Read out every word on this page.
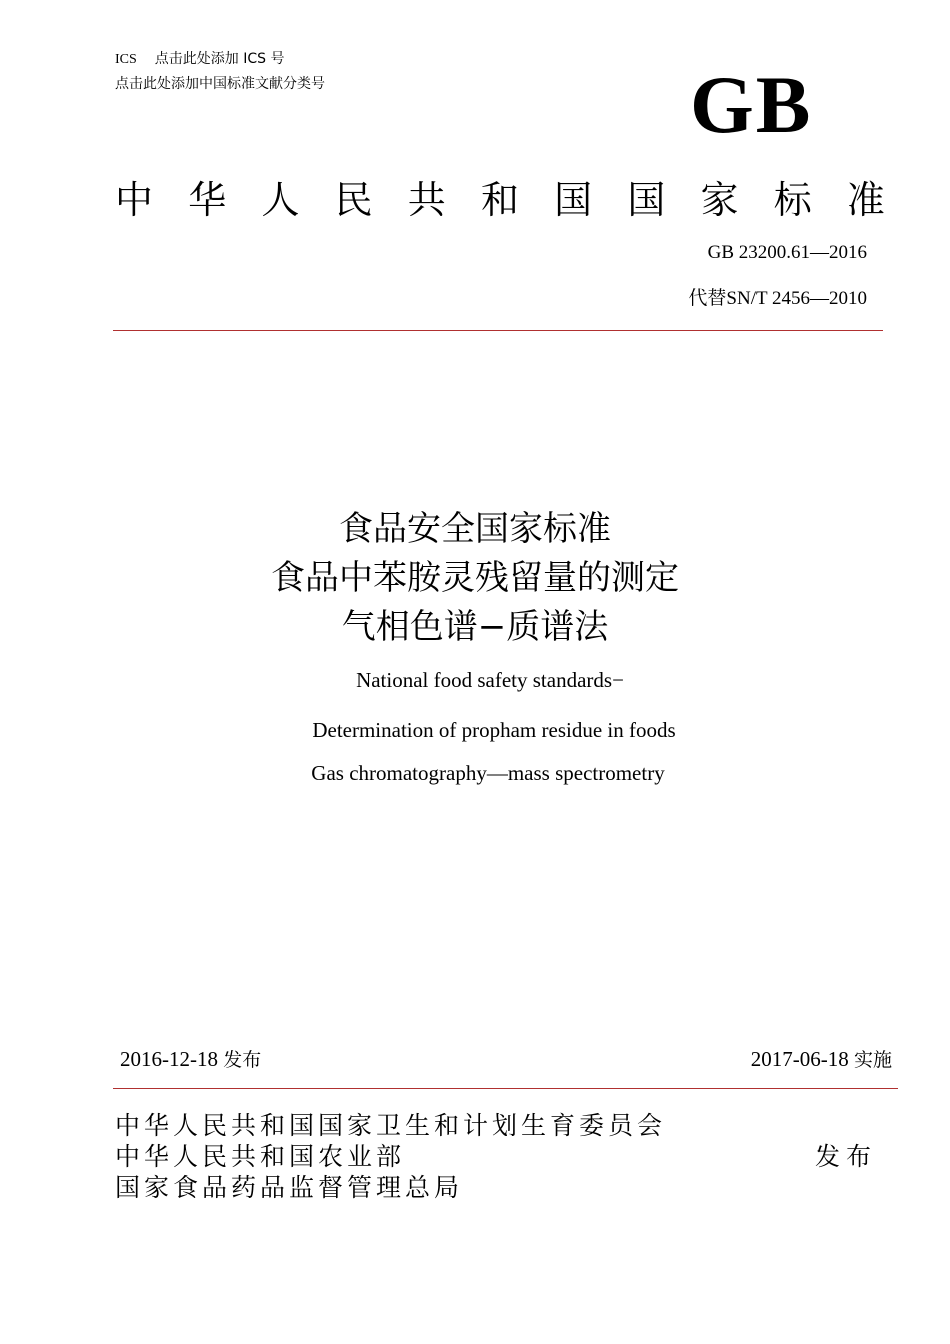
ICS 点击此处添加 ICS 号
点击此处添加中国标准文献分类号	GB
中 华 人 民 共 和 国 国 家 标 准
GB 23200.61—2016
代替SN/T 2456—2010

食品安全国家标准

食品中苯胺灵残留量的测定

气相色谱−质谱法

National food safety standards−

Determination of propham residue in foods

Gas chromatography—mass spectrometry

2016-12-18 发布	2017-06-18 实施
中华人民共和国国家卫生和计划生育委员会
中华人民共和国农业部
国家食品药品监督管理总局
发布
